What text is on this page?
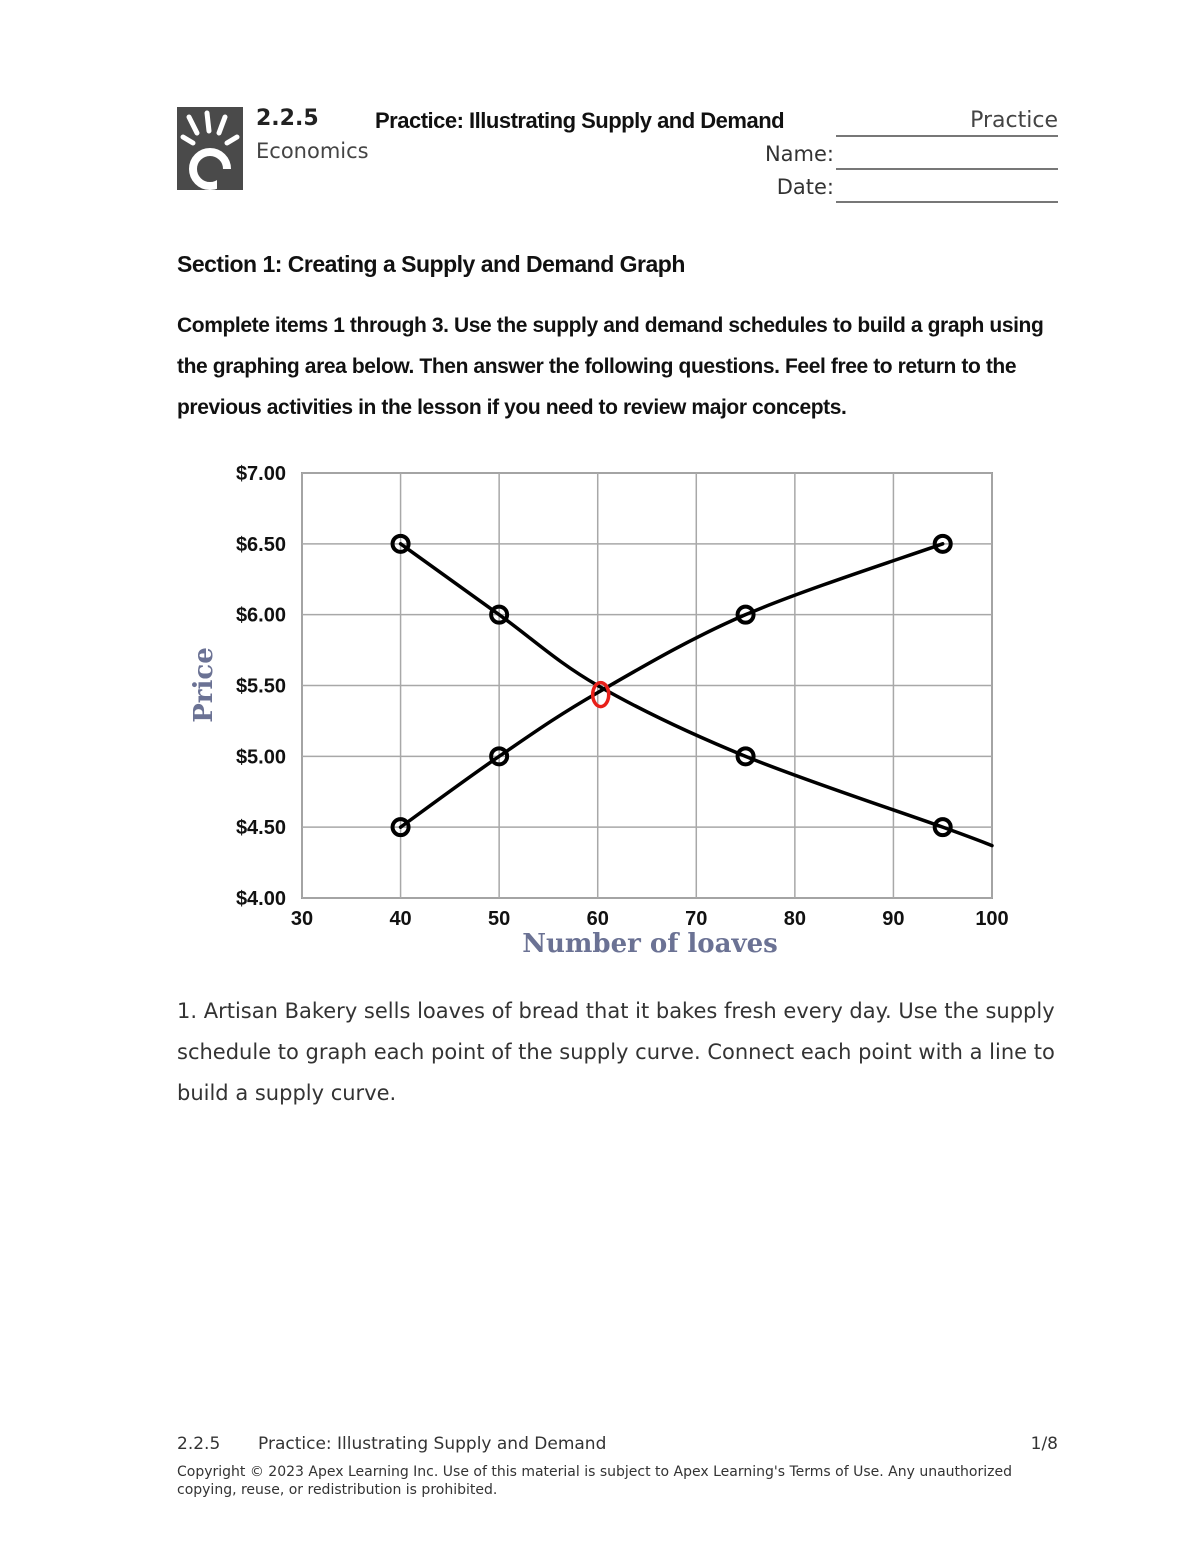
2.2.5	Practice: Illustrating Supply and Demand	Practice
Economics	Name:
Date:
Section 1: Creating a Supply and Demand Graph
Complete items 1 through 3. Use the supply and demand schedules to build a graph using the graphing area below. Then answer the following questions. Feel free to return to the previous activities in the lesson if you need to review major concepts.
30	40	50	60	70	80	90	100
$4.00
$4.50
$5.00
$5.50
$6.00
$6.50
$7.00
Number of loaves
Price
1. Artisan Bakery sells loaves of bread that it bakes fresh every day. Use the supply schedule to graph each point of the supply curve. Connect each point with a line to build a supply curve.
2.2.5 Practice: Illustrating Supply and Demand	1/8
Copyright © 2023 Apex Learning Inc. Use of this material is subject to Apex Learning's Terms of Use. Any unauthorized copying, reuse, or redistribution is prohibited.
